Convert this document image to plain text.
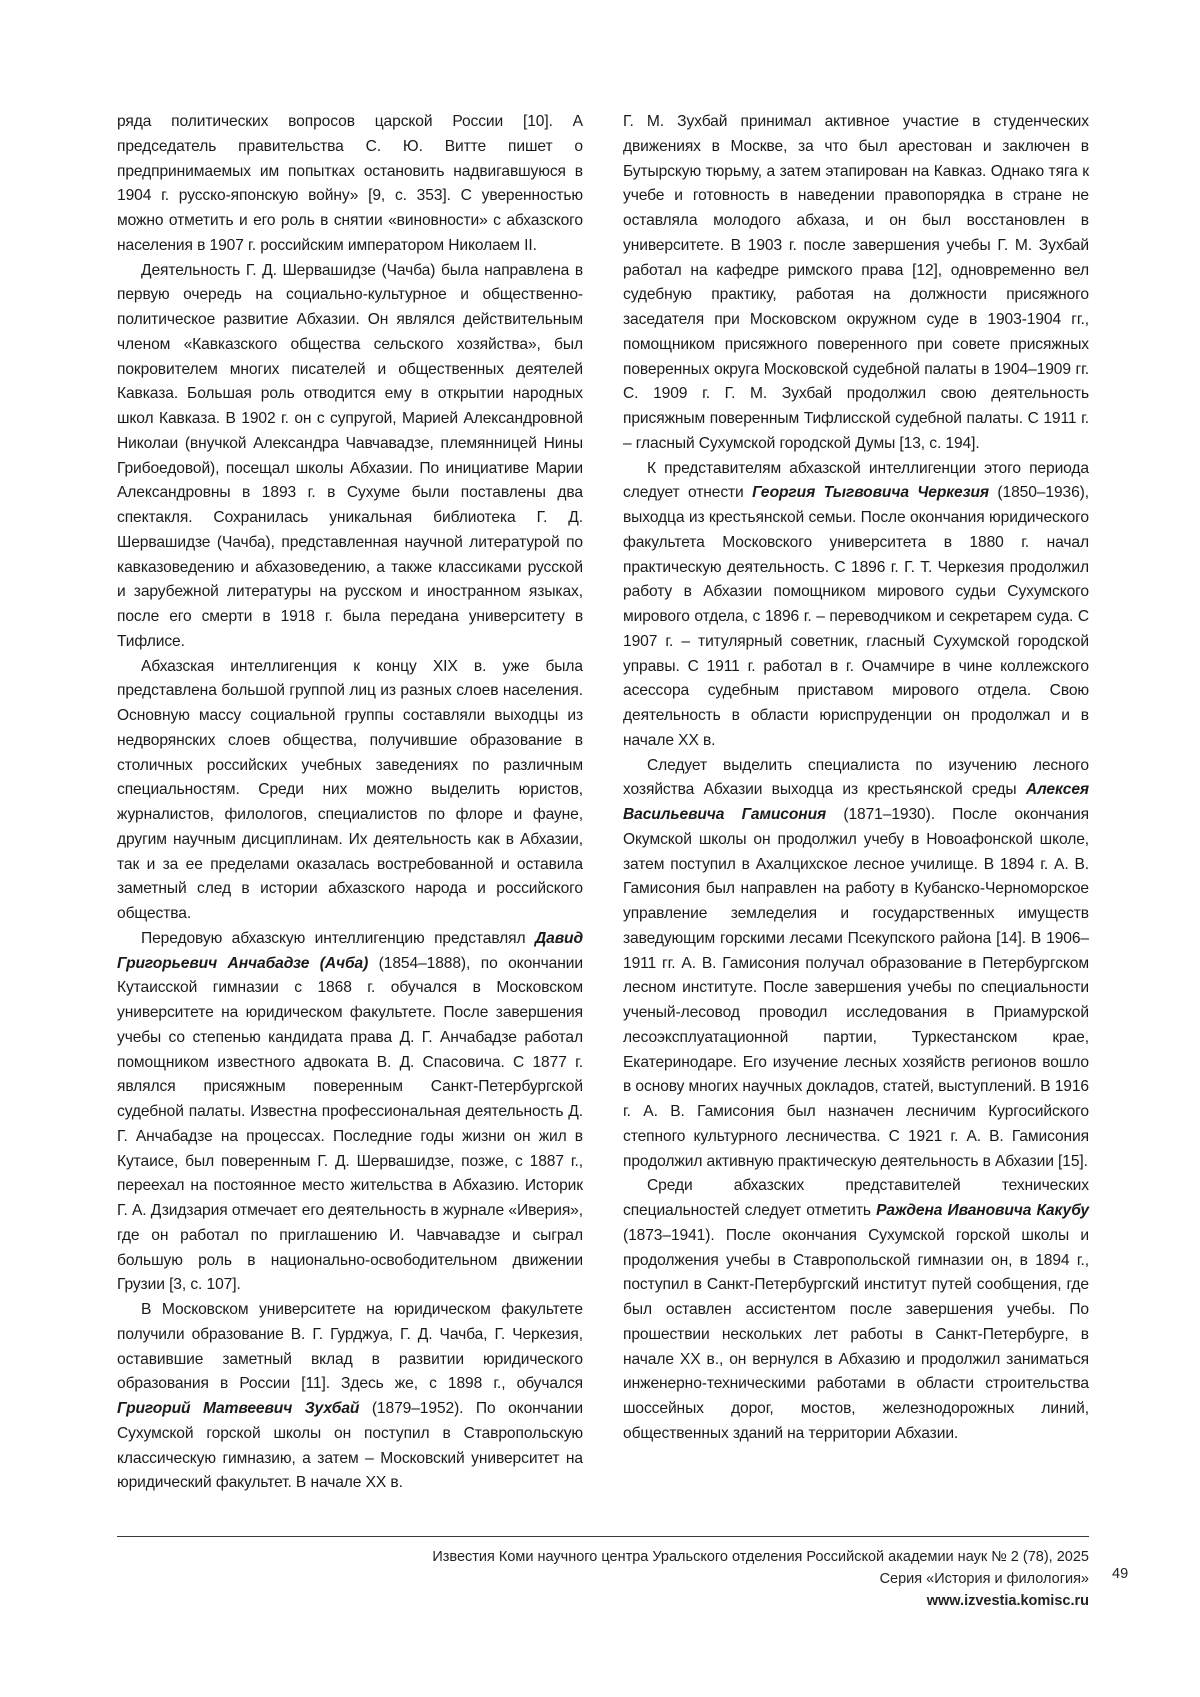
ряда политических вопросов царской России [10]. А председатель правительства С. Ю. Витте пишет о предпринимаемых им попытках остановить надвигавшуюся в 1904 г. русско-японскую войну» [9, с. 353]. С уверенностью можно отметить и его роль в снятии «виновности» с абхазского населения в 1907 г. российским императором Николаем II.

Деятельность Г. Д. Шервашидзе (Чачба) была направлена в первую очередь на социально-культурное и общественно-политическое развитие Абхазии. Он являлся действительным членом «Кавказского общества сельского хозяйства», был покровителем многих писателей и общественных деятелей Кавказа. Большая роль отводится ему в открытии народных школ Кавказа. В 1902 г. он с супругой, Марией Александровной Николаи (внучкой Александра Чавчавадзе, племянницей Нины Грибоедовой), посещал школы Абхазии. По инициативе Марии Александровны в 1893 г. в Сухуме были поставлены два спектакля. Сохранилась уникальная библиотека Г. Д. Шервашидзе (Чачба), представленная научной литературой по кавказоведению и абхазоведению, а также классиками русской и зарубежной литературы на русском и иностранном языках, после его смерти в 1918 г. была передана университету в Тифлисе.

Абхазская интеллигенция к концу XIX в. уже была представлена большой группой лиц из разных слоев населения. Основную массу социальной группы составляли выходцы из недворянских слоев общества, получившие образование в столичных российских учебных заведениях по различным специальностям. Среди них можно выделить юристов, журналистов, филологов, специалистов по флоре и фауне, другим научным дисциплинам. Их деятельность как в Абхазии, так и за ее пределами оказалась востребованной и оставила заметный след в истории абхазского народа и российского общества.

Передовую абхазскую интеллигенцию представлял Давид Григорьевич Анчабадзе (Ачба) (1854–1888), по окончании Кутаисской гимназии с 1868 г. обучался в Московском университете на юридическом факультете. После завершения учебы со степенью кандидата права Д. Г. Анчабадзе работал помощником известного адвоката В. Д. Спасовича. С 1877 г. являлся присяжным поверенным Санкт-Петербургской судебной палаты. Известна профессиональная деятельность Д. Г. Анчабадзе на процессах. Последние годы жизни он жил в Кутаисе, был поверенным Г. Д. Шервашидзе, позже, с 1887 г., переехал на постоянное место жительства в Абхазию. Историк Г. А. Дзидзария отмечает его деятельность в журнале «Иверия», где он работал по приглашению И. Чавчавадзе и сыграл большую роль в национально-освободительном движении Грузии [3, с. 107].

В Московском университете на юридическом факультете получили образование В. Г. Гурджуа, Г. Д. Чачба, Г. Черкезия, оставившие заметный вклад в развитии юридического образования в России [11]. Здесь же, с 1898 г., обучался Григорий Матвеевич Зухбай (1879–1952). По окончании Сухумской горской школы он поступил в Ставропольскую классическую гимназию, а затем – Московский университет на юридический факультет. В начале XX в.

Г. М. Зухбай принимал активное участие в студенческих движениях в Москве, за что был арестован и заключен в Бутырскую тюрьму, а затем этапирован на Кавказ. Однако тяга к учебе и готовность в наведении правопорядка в стране не оставляла молодого абхаза, и он был восстановлен в университете. В 1903 г. после завершения учебы Г. М. Зухбай работал на кафедре римского права [12], одновременно вел судебную практику, работая на должности присяжного заседателя при Московском окружном суде в 1903-1904 гг., помощником присяжного поверенного при совете присяжных поверенных округа Московской судебной палаты в 1904–1909 гг. С. 1909 г. Г. М. Зухбай продолжил свою деятельность присяжным поверенным Тифлисской судебной палаты. С 1911 г. – гласный Сухумской городской Думы [13, с. 194].

К представителям абхазской интеллигенции этого периода следует отнести Георгия Тыгвовича Черкезия (1850–1936), выходца из крестьянской семьи. После окончания юридического факультета Московского университета в 1880 г. начал практическую деятельность. С 1896 г. Г. Т. Черкезия продолжил работу в Абхазии помощником мирового судьи Сухумского мирового отдела, с 1896 г. – переводчиком и секретарем суда. С 1907 г. – титулярный советник, гласный Сухумской городской управы. С 1911 г. работал в г. Очамчире в чине коллежского асессора судебным приставом мирового отдела. Свою деятельность в области юриспруденции он продолжал и в начале XX в.

Следует выделить специалиста по изучению лесного хозяйства Абхазии выходца из крестьянской среды Алексея Васильевича Гамисония (1871–1930). После окончания Окумской школы он продолжил учебу в Новоафонской школе, затем поступил в Ахалцихское лесное училище. В 1894 г. А. В. Гамисония был направлен на работу в Кубанско-Черноморское управление земледелия и государственных имуществ заведующим горскими лесами Псекупского района [14]. В 1906–1911 гг. А. В. Гамисония получал образование в Петербургском лесном институте. После завершения учебы по специальности ученый-лесовод проводил исследования в Приамурской лесоэксплуатационной партии, Туркестанском крае, Екатеринодаре. Его изучение лесных хозяйств регионов вошло в основу многих научных докладов, статей, выступлений. В 1916 г. А. В. Гамисония был назначен лесничим Кургосийского степного культурного лесничества. С 1921 г. А. В. Гамисония продолжил активную практическую деятельность в Абхазии [15].

Среди абхазских представителей технических специальностей следует отметить Раждена Ивановича Какубу (1873–1941). После окончания Сухумской горской школы и продолжения учебы в Ставропольской гимназии он, в 1894 г., поступил в Санкт-Петербургский институт путей сообщения, где был оставлен ассистентом после завершения учебы. По прошествии нескольких лет работы в Санкт-Петербурге, в начале XX в., он вернулся в Абхазию и продолжил заниматься инженерно-техническими работами в области строительства шоссейных дорог, мостов, железнодорожных линий, общественных зданий на территории Абхазии.

Известия Коми научного центра Уральского отделения Российской академии наук № 2 (78), 2025
Серия «История и филология»
www.izvestia.komisc.ru
49
